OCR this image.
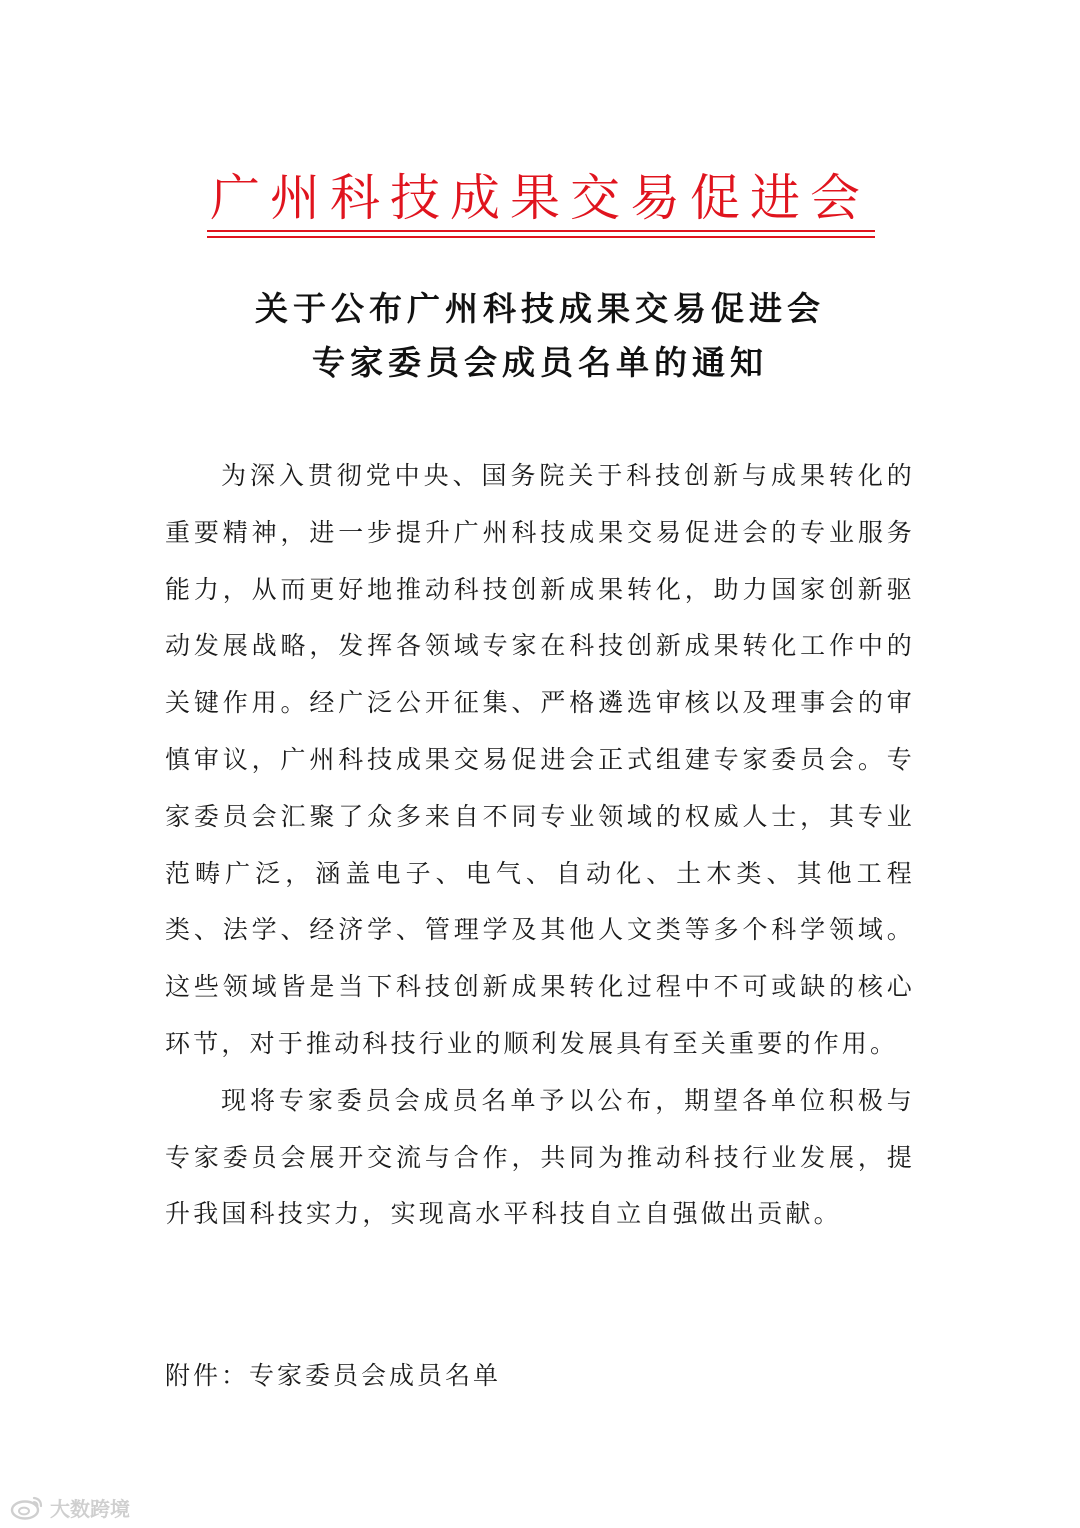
广州科技成果交易促进会
关于公布广州科技成果交易促进会
专家委员会成员名单的通知

为深入贯彻党中央、国务院关于科技创新与成果转化的重要精神，进一步提升广州科技成果交易促进会的专业服务能力，从而更好地推动科技创新成果转化，助力国家创新驱动发展战略，发挥各领域专家在科技创新成果转化工作中的关键作用。经广泛公开征集、严格遴选审核以及理事会的审慎审议，广州科技成果交易促进会正式组建专家委员会。专家委员会汇聚了众多来自不同专业领域的权威人士，其专业范畴广泛，涵盖电子、电气、自动化、土木类、其他工程类、法学、经济学、管理学及其他人文类等多个科学领域。这些领域皆是当下科技创新成果转化过程中不可或缺的核心环节，对于推动科技行业的顺利发展具有至关重要的作用。

现将专家委员会成员名单予以公布，期望各单位积极与专家委员会展开交流与合作，共同为推动科技行业发展，提升我国科技实力，实现高水平科技自立自强做出贡献。

附件：专家委员会成员名单
大数跨境
